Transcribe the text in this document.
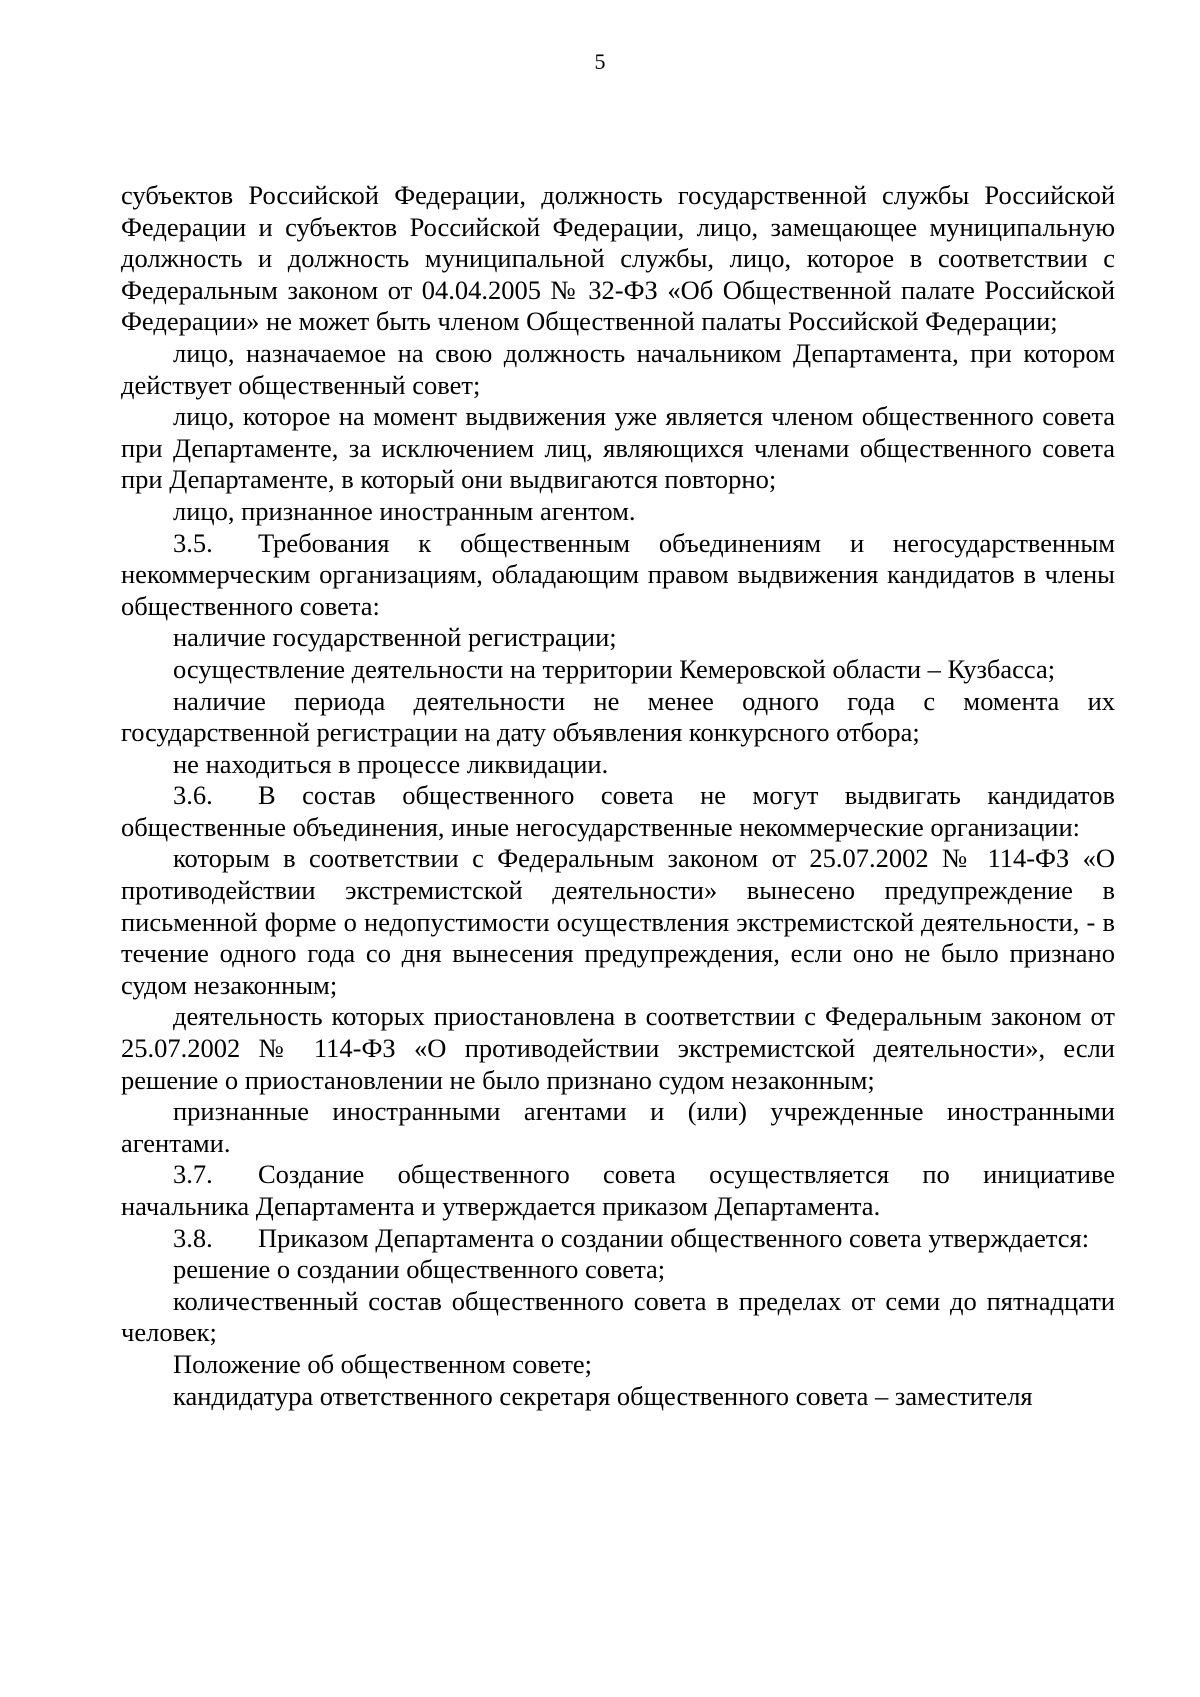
5

субъектов Российской Федерации, должность государственной службы Российской Федерации и субъектов Российской Федерации, лицо, замещающее муниципальную должность и должность муниципальной службы, лицо, которое в соответствии с Федеральным законом от 04.04.2005 № 32-ФЗ «Об Общественной палате Российской Федерации» не может быть членом Общественной палаты Российской Федерации;

лицо, назначаемое на свою должность начальником Департамента, при котором действует общественный совет;

лицо, которое на момент выдвижения уже является членом общественного совета при Департаменте, за исключением лиц, являющихся членами общественного совета при Департаменте, в который они выдвигаются повторно;

лицо, признанное иностранным агентом.

3.5. Требования к общественным объединениям и негосударственным некоммерческим организациям, обладающим правом выдвижения кандидатов в члены общественного совета:

наличие государственной регистрации;

осуществление деятельности на территории Кемеровской области – Кузбасса;

наличие периода деятельности не менее одного года с момента их государственной регистрации на дату объявления конкурсного отбора;

не находиться в процессе ликвидации.

3.6. В состав общественного совета не могут выдвигать кандидатов общественные объединения, иные негосударственные некоммерческие организации:

которым в соответствии с Федеральным законом от 25.07.2002 № 114-ФЗ «О противодействии экстремистской деятельности» вынесено предупреждение в письменной форме о недопустимости осуществления экстремистской деятельности, - в течение одного года со дня вынесения предупреждения, если оно не было признано судом незаконным;

деятельность которых приостановлена в соответствии с Федеральным законом от 25.07.2002 № 114-ФЗ «О противодействии экстремистской деятельности», если решение о приостановлении не было признано судом незаконным;

признанные иностранными агентами и (или) учрежденные иностранными агентами.

3.7. Создание общественного совета осуществляется по инициативе начальника Департамента и утверждается приказом Департамента.

3.8. Приказом Департамента о создании общественного совета утверждается:

решение о создании общественного совета;

количественный состав общественного совета в пределах от семи до пятнадцати человек;

Положение об общественном совете;

кандидатура ответственного секретаря общественного совета – заместителя
